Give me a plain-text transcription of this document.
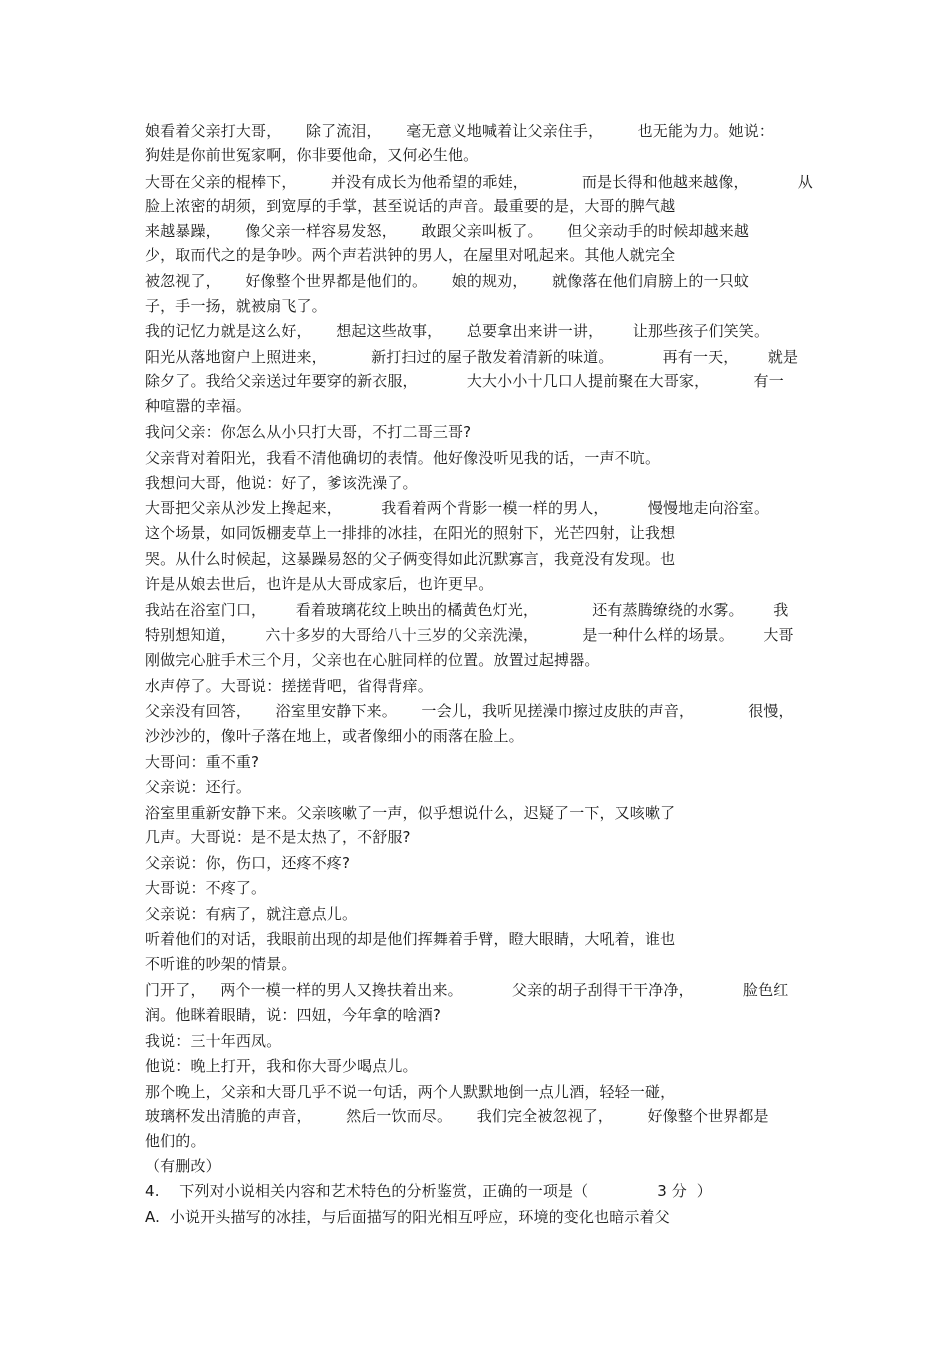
娘看着父亲打大哥，     除了流泪，     毫无意义地喊着让父亲住手，       也无能为力。她说：
狗娃是你前世冤家啊，你非要他命，又何必生他。
大哥在父亲的棍棒下，       并没有成长为他希望的乖娃，           而是长得和他越来越像，          从
脸上浓密的胡须，到宽厚的手掌，甚至说话的声音。最重要的是，大哥的脾气越
来越暴躁，     像父亲一样容易发怒，     敢跟父亲叫板了。     但父亲动手的时候却越来越
少，取而代之的是争吵。两个声若洪钟的男人，在屋里对吼起来。其他人就完全
被忽视了，     好像整个世界都是他们的。     娘的规劝，     就像落在他们肩膀上的一只蚊
子，手一扬，就被扇飞了。
我的记忆力就是这么好，     想起这些故事，     总要拿出来讲一讲，      让那些孩子们笑笑。
阳光从落地窗户上照进来，         新打扫过的屋子散发着清新的味道。          再有一天，      就是
除夕了。我给父亲送过年要穿的新衣服，          大大小小十几口人提前聚在大哥家，         有一
种喧嚣的幸福。
我问父亲：你怎么从小只打大哥，不打二哥三哥?
父亲背对着阳光，我看不清他确切的表情。他好像没听见我的话，一声不吭。
我想问大哥，他说：好了，爹该洗澡了。
大哥把父亲从沙发上搀起来，        我看着两个背影一模一样的男人，        慢慢地走向浴室。
这个场景，如同饭棚麦草上一排排的冰挂，在阳光的照射下，光芒四射，让我想
哭。从什么时候起，这暴躁易怒的父子俩变得如此沉默寡言，我竟没有发现。也
许是从娘去世后，也许是从大哥成家后，也许更早。
我站在浴室门口，      看着玻璃花纹上映出的橘黄色灯光，           还有蒸腾缭绕的水雾。      我
特别想知道，      六十多岁的大哥给八十三岁的父亲洗澡，         是一种什么样的场景。      大哥
刚做完心脏手术三个月，父亲也在心脏同样的位置。放置过起搏器。
水声停了。大哥说：搓搓背吧，省得背痒。
父亲没有回答，     浴室里安静下来。     一会儿，我听见搓澡巾擦过皮肤的声音，           很慢，
沙沙沙的，像叶子落在地上，或者像细小的雨落在脸上。
大哥问：重不重?
父亲说：还行。
浴室里重新安静下来。父亲咳嗽了一声，似乎想说什么，迟疑了一下，又咳嗽了
几声。大哥说：是不是太热了，不舒服?
父亲说：你，伤口，还疼不疼?
大哥说：不疼了。
父亲说：有病了，就注意点儿。
听着他们的对话，我眼前出现的却是他们挥舞着手臂，瞪大眼睛，大吼着，谁也
不听谁的吵架的情景。
门开了，   两个一模一样的男人又搀扶着出来。          父亲的胡子刮得干干净净，          脸色红
润。他眯着眼睛，说：四妞，今年拿的啥酒?
我说：三十年西凤。
他说：晚上打开，我和你大哥少喝点儿。
那个晚上，父亲和大哥几乎不说一句话，两个人默默地倒一点儿酒，轻轻一碰，
玻璃杯发出清脆的声音，       然后一饮而尽。     我们完全被忽视了，       好像整个世界都是
他们的。
（有删改）
4.    下列对小说相关内容和艺术特色的分析鉴赏，正确的一项是（              3 分  ）
A.  小说开头描写的冰挂，与后面描写的阳光相互呼应，环境的变化也暗示着父
